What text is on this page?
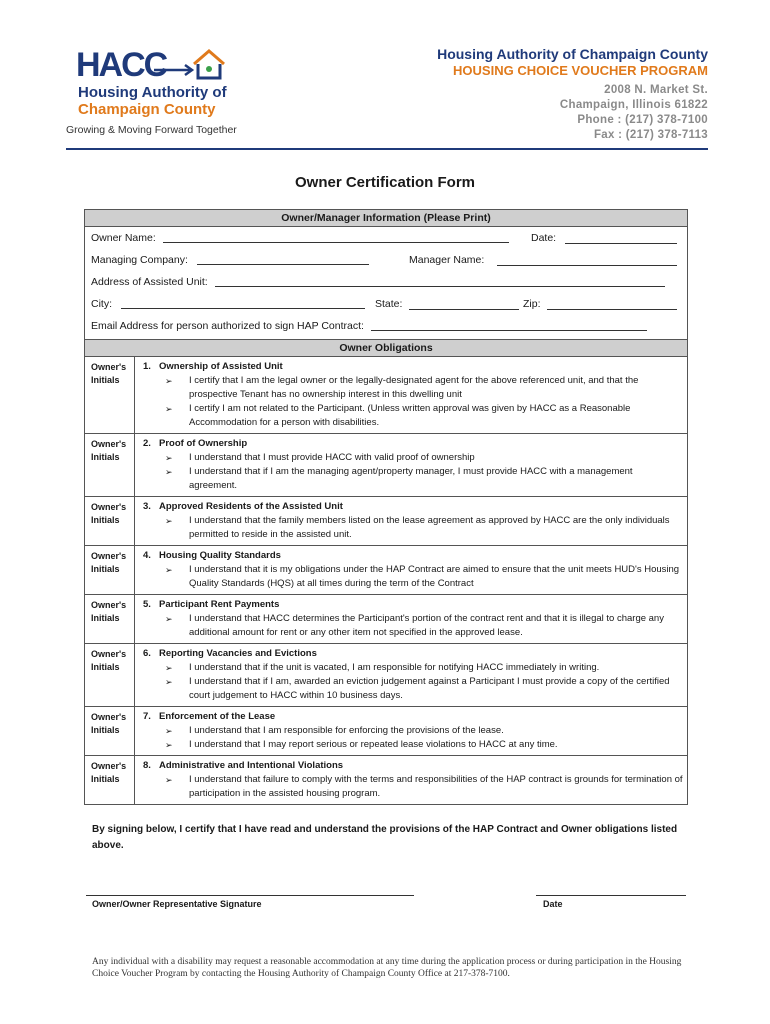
HACC
Housing Authority of
Champaign County
Growing & Moving Forward Together
Housing Authority of Champaign County
HOUSING CHOICE VOUCHER PROGRAM
2008 N. Market St.
Champaign, Illinois 61822
Phone : (217) 378-7100
Fax : (217) 378-7113
Owner Certification Form
Owner/Manager Information (Please Print)
Owner Name:	Date:
Managing Company:	Manager Name:
Address of Assisted Unit:
City:	State:	Zip:
Email Address for person authorized to sign HAP Contract:
Owner Obligations
Owner's
Initials
1. Ownership of Assisted Unit
➢	I certify that I am the legal owner or the legally-designated agent for the above referenced unit, and that the prospective Tenant has no ownership interest in this dwelling unit
➢	I certify I am not related to the Participant. (Unless written approval was given by HACC as a Reasonable Accommodation for a person with disabilities.
Owner's
Initials
2. Proof of Ownership
➢	I understand that I must provide HACC with valid proof of ownership
➢	I understand that if I am the managing agent/property manager, I must provide HACC with a management agreement.
Owner's
Initials
3. Approved Residents of the Assisted Unit
➢	I understand that the family members listed on the lease agreement as approved by HACC are the only individuals permitted to reside in the assisted unit.
Owner's
Initials
4. Housing Quality Standards
➢	I understand that it is my obligations under the HAP Contract are aimed to ensure that the unit meets HUD's Housing Quality Standards (HQS) at all times during the term of the Contract
Owner's
Initials
5. Participant Rent Payments
➢	I understand that HACC determines the Participant's portion of the contract rent and that it is illegal to charge any additional amount for rent or any other item not specified in the approved lease.
Owner's
Initials
6. Reporting Vacancies and Evictions
➢	I understand that if the unit is vacated, I am responsible for notifying HACC immediately in writing.
➢	I understand that if I am, awarded an eviction judgement against a Participant I must provide a copy of the certified court judgement to HACC within 10 business days.
Owner's
Initials
7. Enforcement of the Lease
➢	I understand that I am responsible for enforcing the provisions of the lease.
➢	I understand that I may report serious or repeated lease violations to HACC at any time.
Owner's
Initials
8. Administrative and Intentional Violations
➢	I understand that failure to comply with the terms and responsibilities of the HAP contract is grounds for termination of participation in the assisted housing program.
By signing below, I certify that I have read and understand the provisions of the HAP Contract and Owner obligations listed above.
Owner/Owner Representative Signature	Date
Any individual with a disability may request a reasonable accommodation at any time during the application process or during participation in the Housing Choice Voucher Program by contacting the Housing Authority of Champaign County Office at 217-378-7100.
